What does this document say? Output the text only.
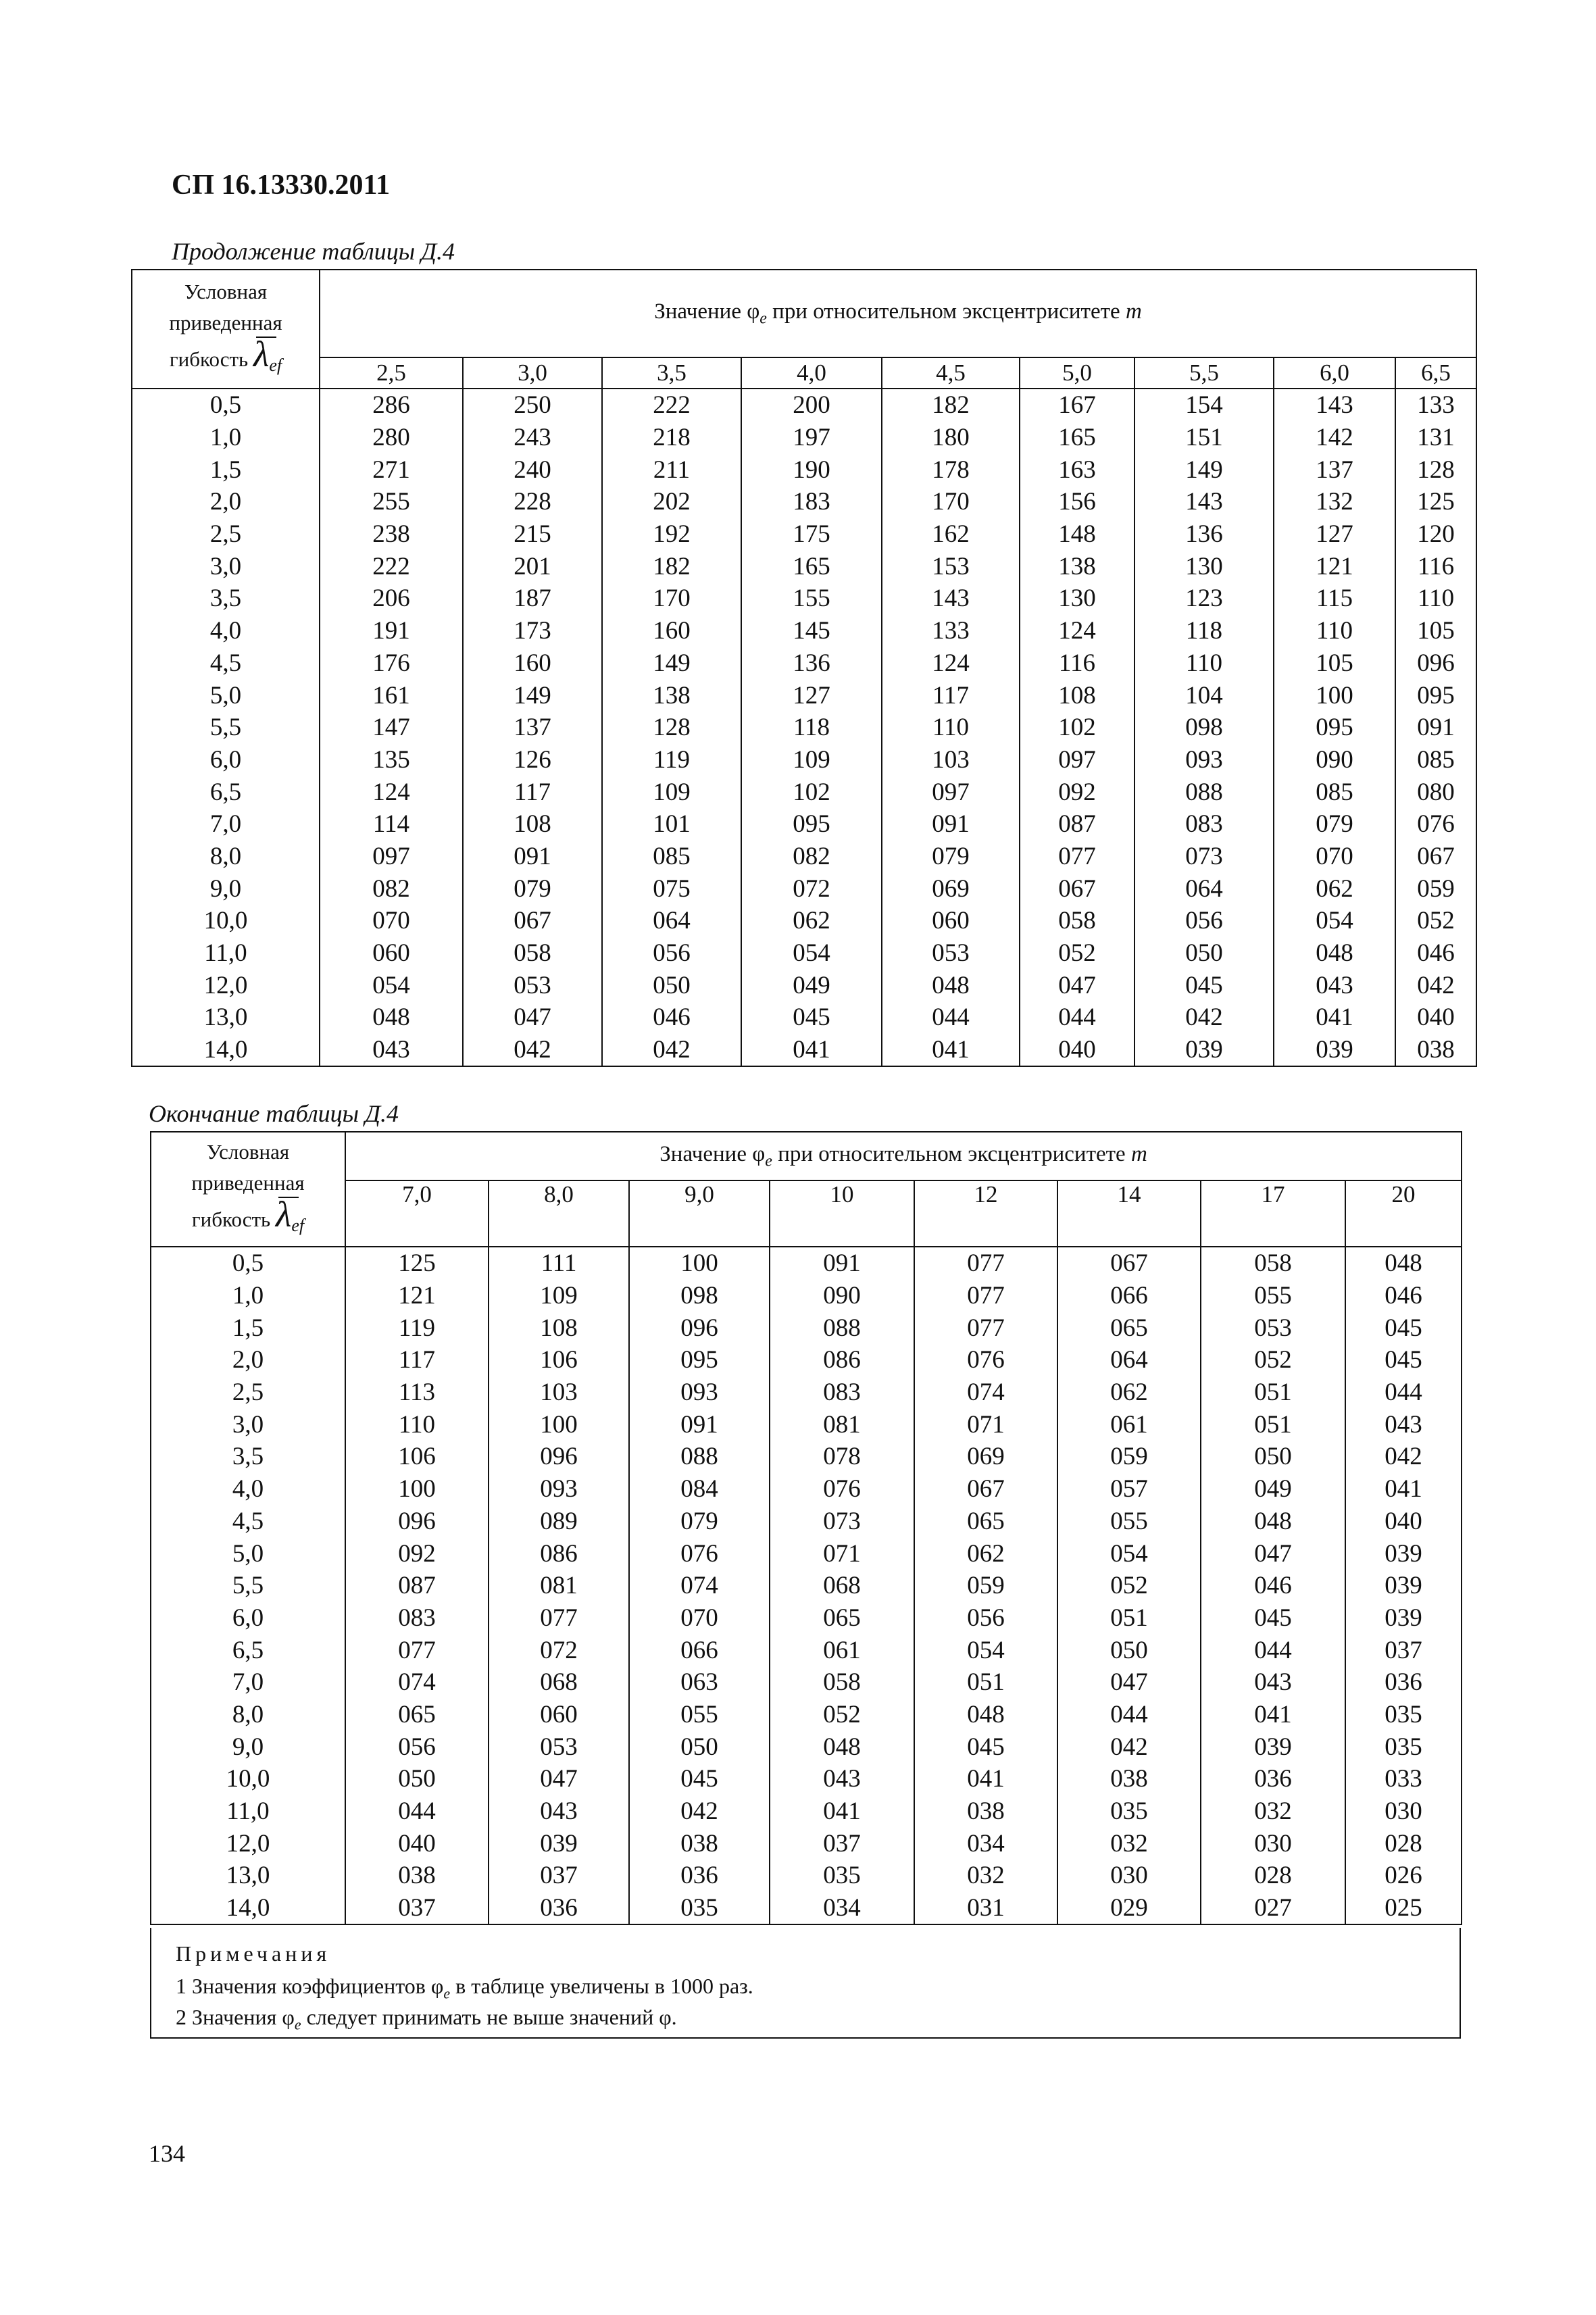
СП 16.13330.2011
Продолжение таблицы Д.4
Условная
приведенная
гибкость $\lambda_{ef}$	Значение $\varphi_e$ при относительном эксцентриситете m								
	2,5	3,0	3,5	4,0	4,5	5,0	5,5	6,0	6,5
0,5	286	250	222	200	182	167	154	143	133
1,0	280	243	218	197	180	165	151	142	131
1,5	271	240	211	190	178	163	149	137	128
2,0	255	228	202	183	170	156	143	132	125
2,5	238	215	192	175	162	148	136	127	120
3,0	222	201	182	165	153	138	130	121	116
3,5	206	187	170	155	143	130	123	115	110
4,0	191	173	160	145	133	124	118	110	105
4,5	176	160	149	136	124	116	110	105	096
5,0	161	149	138	127	117	108	104	100	095
5,5	147	137	128	118	110	102	098	095	091
6,0	135	126	119	109	103	097	093	090	085
6,5	124	117	109	102	097	092	088	085	080
7,0	114	108	101	095	091	087	083	079	076
8,0	097	091	085	082	079	077	073	070	067
9,0	082	079	075	072	069	067	064	062	059
10,0	070	067	064	062	060	058	056	054	052
11,0	060	058	056	054	053	052	050	048	046
12,0	054	053	050	049	048	047	045	043	042
13,0	048	047	046	045	044	044	042	041	040
14,0	043	042	042	041	041	040	039	039	038
Окончание таблицы Д.4
Условная
приведенная
гибкость $\lambda_{ef}$	Значение $\varphi_e$ при относительном эксцентриситете m							
	7,0	8,0	9,0	10	12	14	17	20
0,5	125	111	100	091	077	067	058	048
1,0	121	109	098	090	077	066	055	046
1,5	119	108	096	088	077	065	053	045
2,0	117	106	095	086	076	064	052	045
2,5	113	103	093	083	074	062	051	044
3,0	110	100	091	081	071	061	051	043
3,5	106	096	088	078	069	059	050	042
4,0	100	093	084	076	067	057	049	041
4,5	096	089	079	073	065	055	048	040
5,0	092	086	076	071	062	054	047	039
5,5	087	081	074	068	059	052	046	039
6,0	083	077	070	065	056	051	045	039
6,5	077	072	066	061	054	050	044	037
7,0	074	068	063	058	051	047	043	036
8,0	065	060	055	052	048	044	041	035
9,0	056	053	050	048	045	042	039	035
10,0	050	047	045	043	041	038	036	033
11,0	044	043	042	041	038	035	032	030
12,0	040	039	038	037	034	032	030	028
13,0	038	037	036	035	032	030	028	026
14,0	037	036	035	034	031	029	027	025
Примечания
1 Значения коэффициентов $\varphi_e$ в таблице увеличены в 1000 раз.
2 Значения $\varphi_e$ следует принимать не выше значений φ.
134
